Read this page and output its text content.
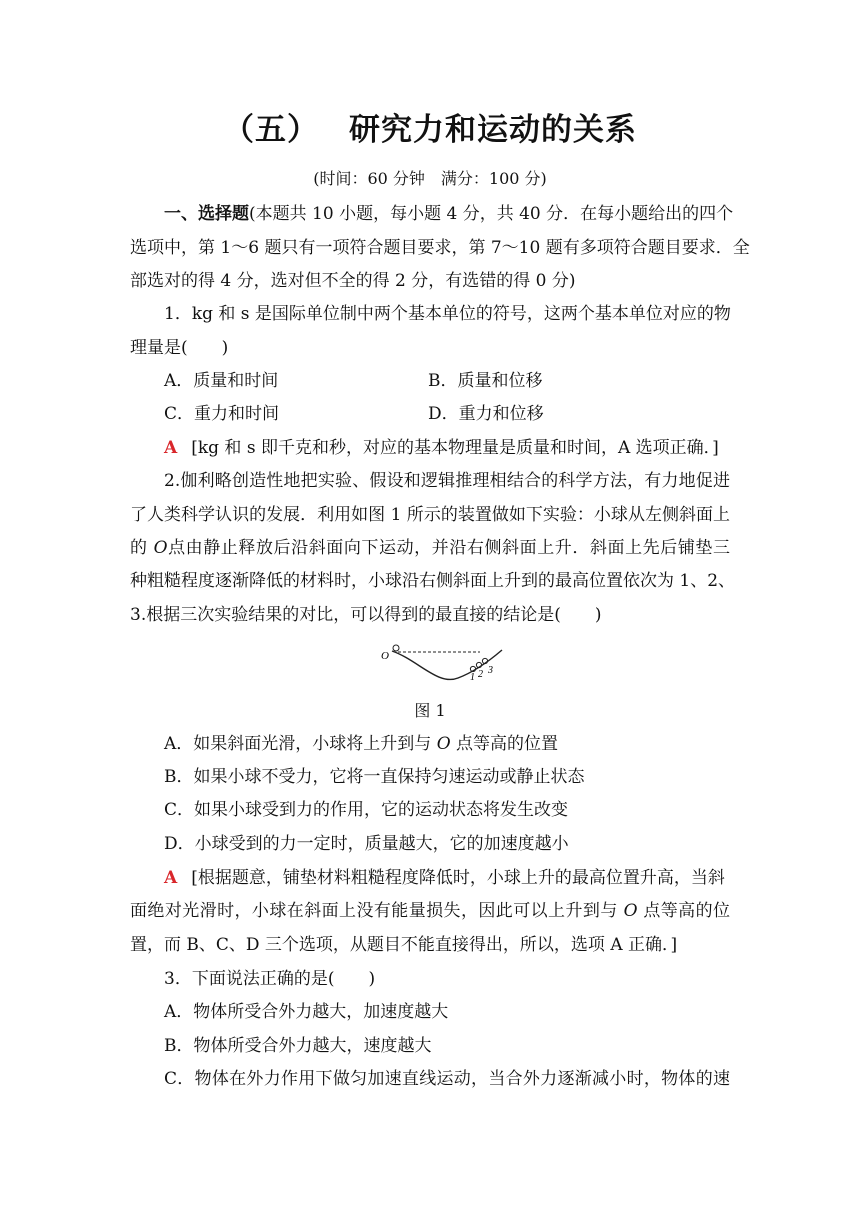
（五） 研究力和运动的关系
(时间：60 分钟　满分：100 分)
一、选择题(本题共 10 小题，每小题 4 分，共 40 分．在每小题给出的四个
选项中，第 1～6 题只有一项符合题目要求，第 7～10 题有多项符合题目要求．全
部选对的得 4 分，选对但不全的得 2 分，有选错的得 0 分)
1．kg 和 s 是国际单位制中两个基本单位的符号，这两个基本单位对应的物
理量是(　　)
A．质量和时间	B．质量和位移
C．重力和时间	D．重力和位移
A [kg 和 s 即千克和秒，对应的基本物理量是质量和时间，A 选项正确．]
2.伽利略创造性地把实验、假设和逻辑推理相结合的科学方法，有力地促进
了人类科学认识的发展．利用如图 1 所示的装置做如下实验：小球从左侧斜面上
的 O点由静止释放后沿斜面向下运动，并沿右侧斜面上升．斜面上先后铺垫三
种粗糙程度逐渐降低的材料时，小球沿右侧斜面上升到的最高位置依次为 1、2、
3.根据三次实验结果的对比，可以得到的最直接的结论是(　　)
O
1 2 3
图 1
A．如果斜面光滑，小球将上升到与 O 点等高的位置
B．如果小球不受力，它将一直保持匀速运动或静止状态
C．如果小球受到力的作用，它的运动状态将发生改变
D．小球受到的力一定时，质量越大，它的加速度越小
A [根据题意，铺垫材料粗糙程度降低时，小球上升的最高位置升高，当斜
面绝对光滑时，小球在斜面上没有能量损失，因此可以上升到与 O 点等高的位
置，而 B、C、D 三个选项，从题目不能直接得出，所以，选项 A 正确．]
3．下面说法正确的是(　　)
A．物体所受合外力越大，加速度越大
B．物体所受合外力越大，速度越大
C．物体在外力作用下做匀加速直线运动，当合外力逐渐减小时，物体的速
